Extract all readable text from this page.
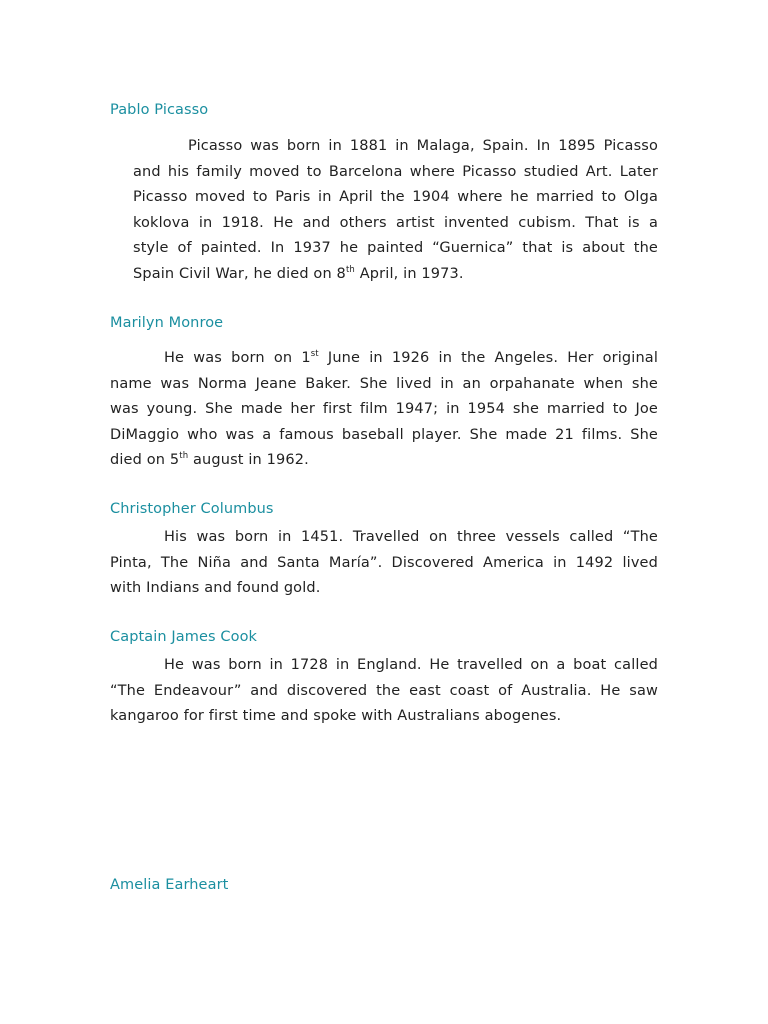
Pablo Picasso
Picasso was born in 1881 in Malaga, Spain. In 1895 Picasso
and his family moved to Barcelona where Picasso studied Art. Later
Picasso moved to Paris in April the 1904 where he married to Olga
koklova in 1918. He and others artist invented cubism. That is a
style of painted. In 1937 he painted “Guernica” that is about the
Spain Civil War, he died on 8th April, in 1973.
Marilyn Monroe
He was born on 1st June in 1926 in the Angeles. Her original
name was Norma Jeane Baker. She lived in an orpahanate when she
was young. She made her first film 1947; in 1954 she married to Joe
DiMaggio who was a famous baseball player. She made 21 films. She
died on 5th august in 1962.
Christopher Columbus
His was born in 1451. Travelled on three vessels called “The
Pinta, The Niña and Santa María”. Discovered America in 1492 lived
with Indians and found gold.
Captain James Cook
He was born in 1728 in England. He travelled on a boat called
“The Endeavour” and discovered the east coast of Australia. He saw
kangaroo for first time and spoke with Australians abogenes.
Amelia Earheart
